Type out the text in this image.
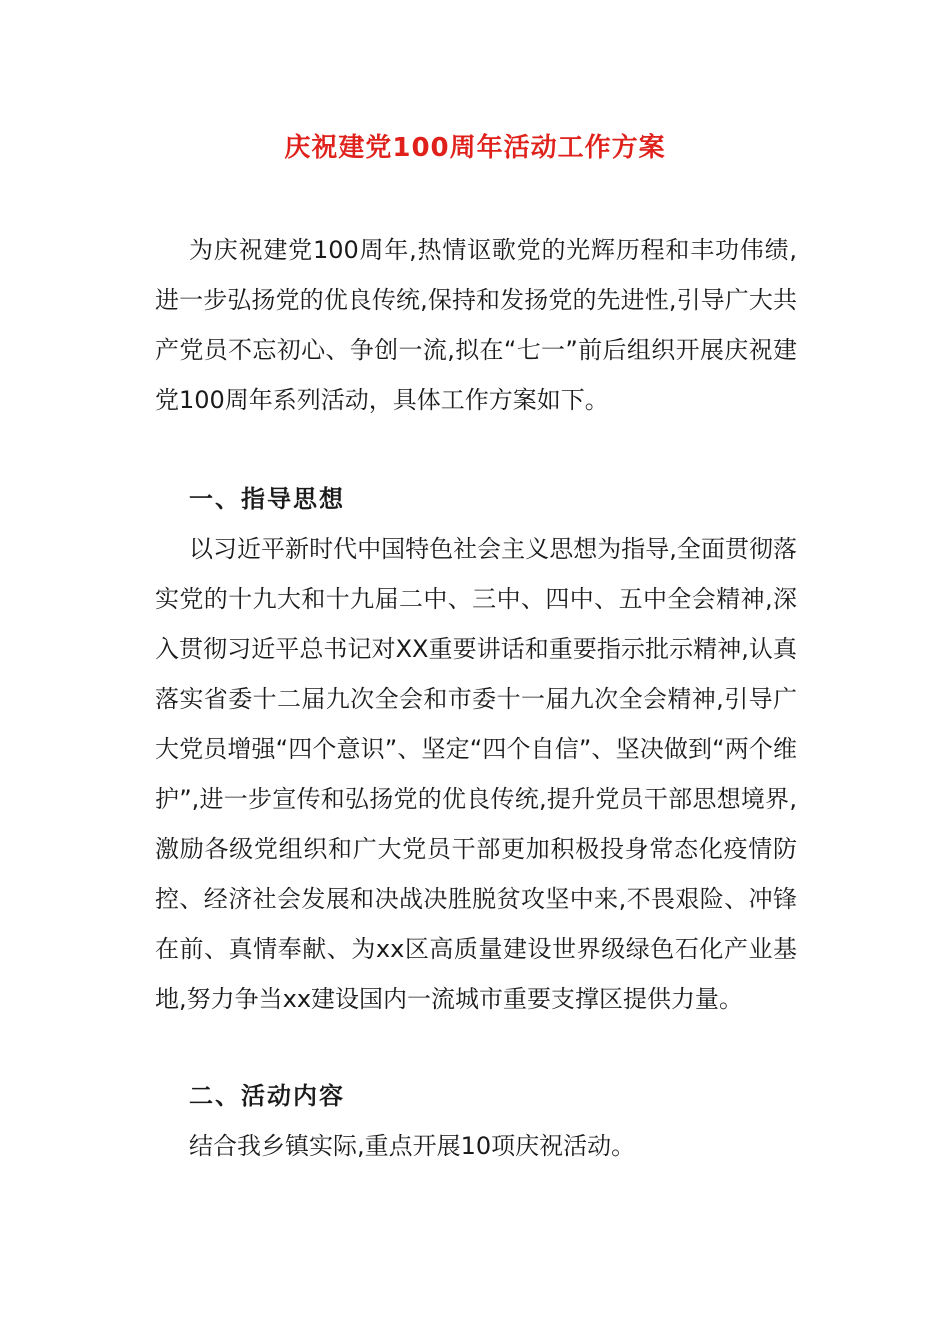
庆祝建党100周年活动工作方案

为庆祝建党100周年,热情讴歌党的光辉历程和丰功伟绩,进一步弘扬党的优良传统,保持和发扬党的先进性,引导广大共产党员不忘初心、争创一流,拟在“七一”前后组织开展庆祝建党100周年系列活动，具体工作方案如下。

一、指导思想

以习近平新时代中国特色社会主义思想为指导,全面贯彻落实党的十九大和十九届二中、三中、四中、五中全会精神,深入贯彻习近平总书记对XX重要讲话和重要指示批示精神,认真落实省委十二届九次全会和市委十一届九次全会精神,引导广大党员增强“四个意识”、坚定“四个自信”、坚决做到“两个维护”,进一步宣传和弘扬党的优良传统,提升党员干部思想境界,激励各级党组织和广大党员干部更加积极投身常态化疫情防控、经济社会发展和决战决胜脱贫攻坚中来,不畏艰险、冲锋在前、真情奉献、为xx区高质量建设世界级绿色石化产业基地,努力争当xx建设国内一流城市重要支撑区提供力量。

二、活动内容

结合我乡镇实际,重点开展10项庆祝活动。
